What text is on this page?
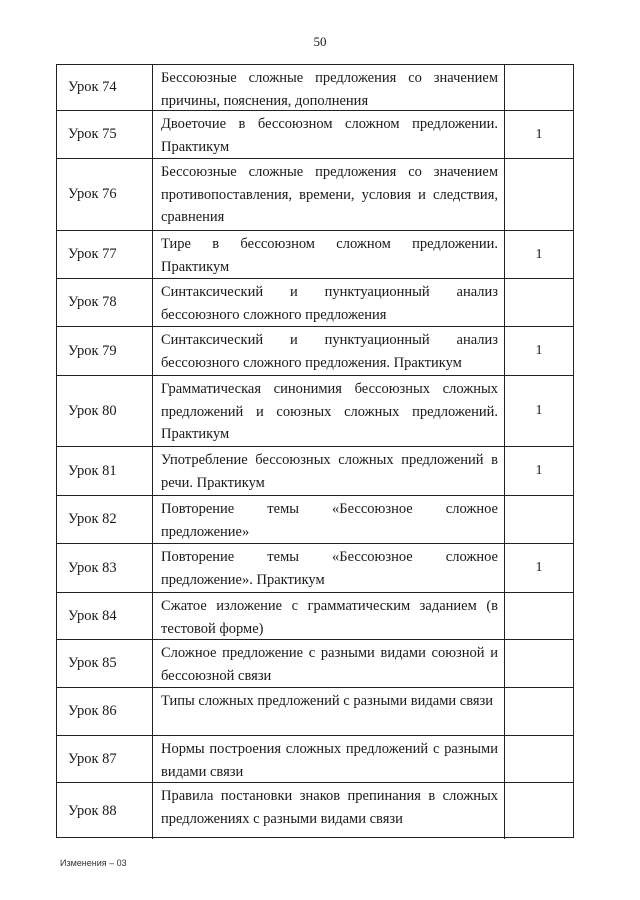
50
Урок 74
Бессоюзные сложные предложения со значением причины, пояснения, дополнения
Урок 75
Двоеточие в бессоюзном сложном предложении. Практикум
1
Урок 76
Бессоюзные сложные предложения со значением противопоставления, времени, условия и следствия, сравнения
Урок 77
Тире в бессоюзном сложном предложении. Практикум
1
Урок 78
Синтаксический и пунктуационный анализ бессоюзного сложного предложения
Урок 79
Синтаксический и пунктуационный анализ бессоюзного сложного предложения. Практикум
1
Урок 80
Грамматическая синонимия бессоюзных сложных предложений и союзных сложных предложений. Практикум
1
Урок 81
Употребление бессоюзных сложных предложений в речи. Практикум
1
Урок 82
Повторение темы «Бессоюзное сложное предложение»
Урок 83
Повторение темы «Бессоюзное сложное предложение». Практикум
1
Урок 84
Сжатое изложение с грамматическим заданием (в тестовой форме)
Урок 85
Сложное предложение с разными видами союзной и бессоюзной связи
Урок 86
Типы сложных предложений с разными видами связи
Урок 87
Нормы построения сложных предложений с разными видами связи
Урок 88
Правила постановки знаков препинания в сложных предложениях с разными видами связи
Изменения – 03
